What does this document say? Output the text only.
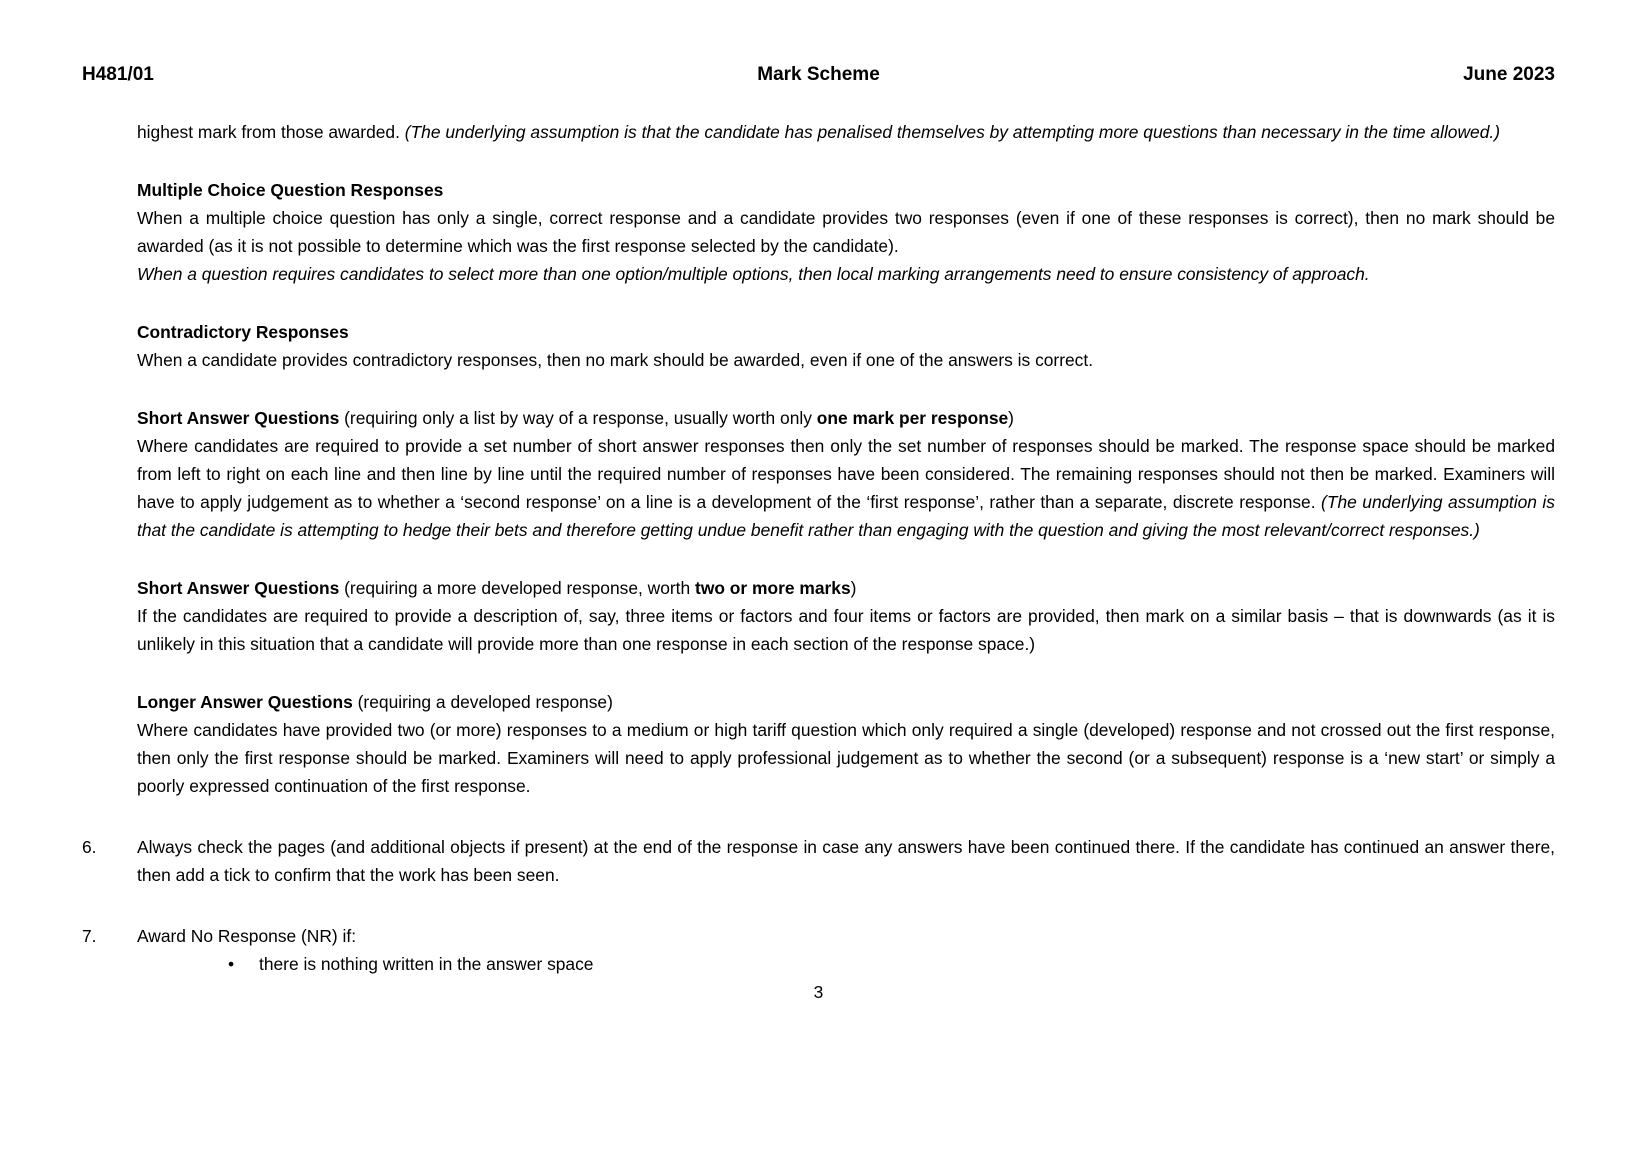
H481/01	Mark Scheme	June 2023

highest mark from those awarded. (The underlying assumption is that the candidate has penalised themselves by attempting more questions than necessary in the time allowed.)

Multiple Choice Question Responses

When a multiple choice question has only a single, correct response and a candidate provides two responses (even if one of these responses is correct), then no mark should be awarded (as it is not possible to determine which was the first response selected by the candidate).

When a question requires candidates to select more than one option/multiple options, then local marking arrangements need to ensure consistency of approach.

Contradictory Responses

When a candidate provides contradictory responses, then no mark should be awarded, even if one of the answers is correct.

Short Answer Questions (requiring only a list by way of a response, usually worth only one mark per response)

Where candidates are required to provide a set number of short answer responses then only the set number of responses should be marked. The response space should be marked from left to right on each line and then line by line until the required number of responses have been considered. The remaining responses should not then be marked. Examiners will have to apply judgement as to whether a ‘second response’ on a line is a development of the ‘first response’, rather than a separate, discrete response. (The underlying assumption is that the candidate is attempting to hedge their bets and therefore getting undue benefit rather than engaging with the question and giving the most relevant/correct responses.)

Short Answer Questions (requiring a more developed response, worth two or more marks)

If the candidates are required to provide a description of, say, three items or factors and four items or factors are provided, then mark on a similar basis – that is downwards (as it is unlikely in this situation that a candidate will provide more than one response in each section of the response space.)

Longer Answer Questions (requiring a developed response)

Where candidates have provided two (or more) responses to a medium or high tariff question which only required a single (developed) response and not crossed out the first response, then only the first response should be marked. Examiners will need to apply professional judgement as to whether the second (or a subsequent) response is a ‘new start’ or simply a poorly expressed continuation of the first response.

6.	Always check the pages (and additional objects if present) at the end of the response in case any answers have been continued there. If the candidate has continued an answer there, then add a tick to confirm that the work has been seen.
7.	Award No Response (NR) if:
• there is nothing written in the answer space
3
